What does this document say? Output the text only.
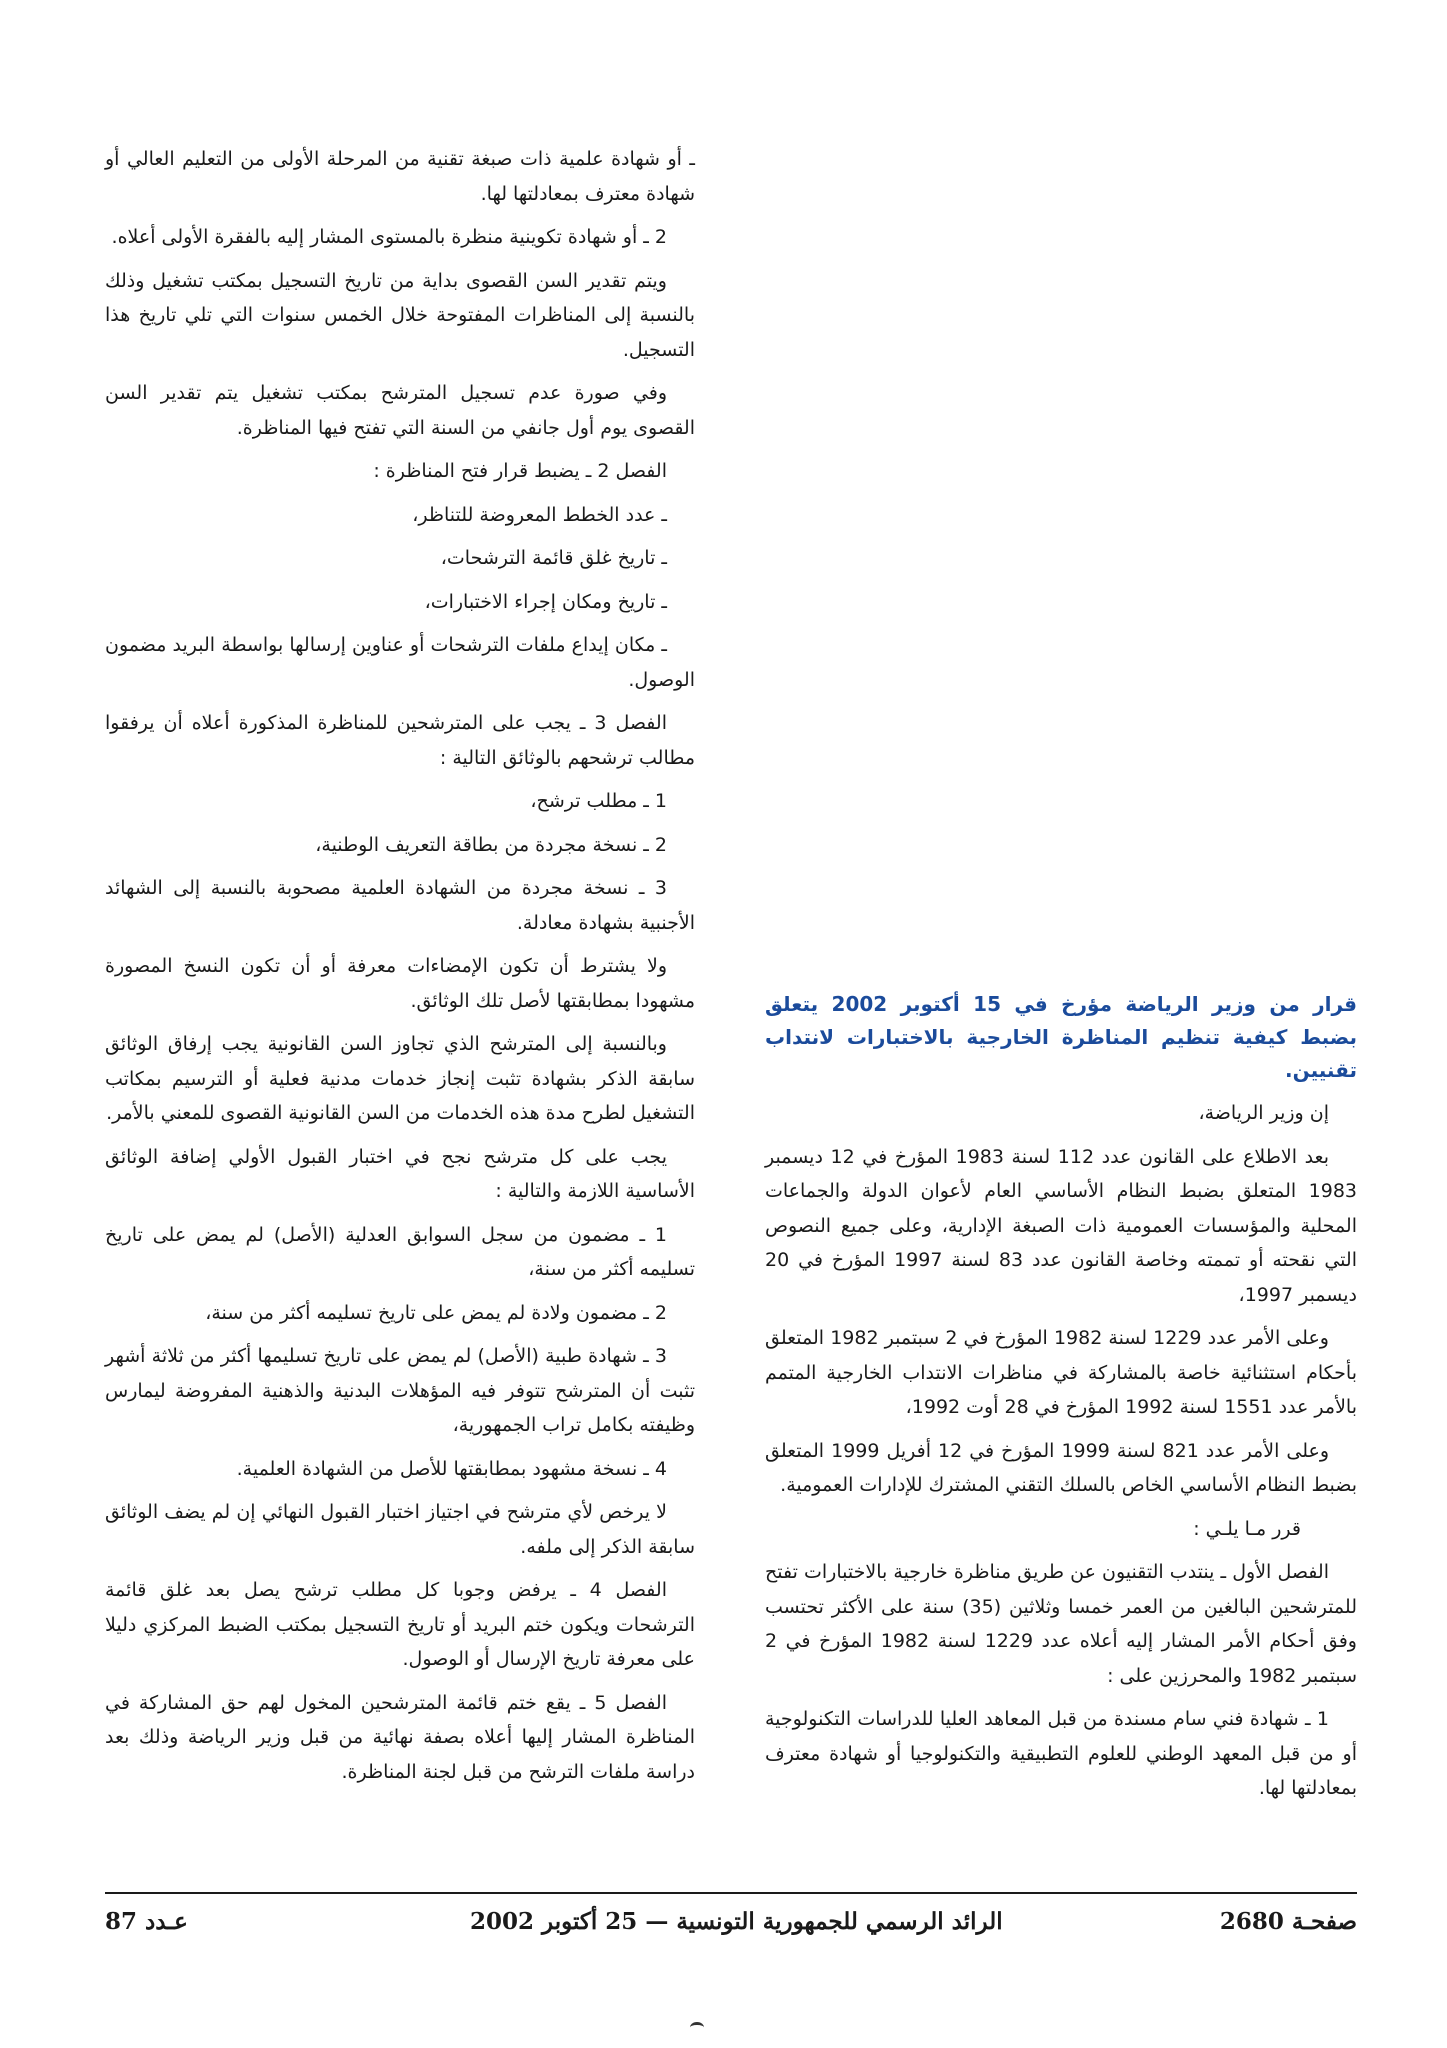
ـ أو شهادة علمية ذات صبغة تقنية من المرحلة الأولى من التعليم العالي أو شهادة معترف بمعادلتها لها.

2 ـ أو شهادة تكوينية منظرة بالمستوى المشار إليه بالفقرة الأولى أعلاه.

ويتم تقدير السن القصوى بداية من تاريخ التسجيل بمكتب تشغيل وذلك بالنسبة إلى المناظرات المفتوحة خلال الخمس سنوات التي تلي تاريخ هذا التسجيل.

وفي صورة عدم تسجيل المترشح بمكتب تشغيل يتم تقدير السن القصوى يوم أول جانفي من السنة التي تفتح فيها المناظرة.

الفصل 2 ـ يضبط قرار فتح المناظرة :

ـ عدد الخطط المعروضة للتناظر،

ـ تاريخ غلق قائمة الترشحات،

ـ تاريخ ومكان إجراء الاختبارات،

ـ مكان إيداع ملفات الترشحات أو عناوين إرسالها بواسطة البريد مضمون الوصول.

الفصل 3 ـ يجب على المترشحين للمناظرة المذكورة أعلاه أن يرفقوا مطالب ترشحهم بالوثائق التالية :

1 ـ مطلب ترشح،

2 ـ نسخة مجردة من بطاقة التعريف الوطنية،

3 ـ نسخة مجردة من الشهادة العلمية مصحوبة بالنسبة إلى الشهائد الأجنبية بشهادة معادلة.

ولا يشترط أن تكون الإمضاءات معرفة أو أن تكون النسخ المصورة مشهودا بمطابقتها لأصل تلك الوثائق.

وبالنسبة إلى المترشح الذي تجاوز السن القانونية يجب إرفاق الوثائق سابقة الذكر بشهادة تثبت إنجاز خدمات مدنية فعلية أو الترسيم بمكاتب التشغيل لطرح مدة هذه الخدمات من السن القانونية القصوى للمعني بالأمر.

يجب على كل مترشح نجح في اختبار القبول الأولي إضافة الوثائق الأساسية اللازمة والتالية :

1 ـ مضمون من سجل السوابق العدلية (الأصل) لم يمض على تاريخ تسليمه أكثر من سنة،

2 ـ مضمون ولادة لم يمض على تاريخ تسليمه أكثر من سنة،

3 ـ شهادة طبية (الأصل) لم يمض على تاريخ تسليمها أكثر من ثلاثة أشهر تثبت أن المترشح تتوفر فيه المؤهلات البدنية والذهنية المفروضة ليمارس وظيفته بكامل تراب الجمهورية،

4 ـ نسخة مشهود بمطابقتها للأصل من الشهادة العلمية.

لا يرخص لأي مترشح في اجتياز اختبار القبول النهائي إن لم يضف الوثائق سابقة الذكر إلى ملفه.

الفصل 4 ـ يرفض وجوبا كل مطلب ترشح يصل بعد غلق قائمة الترشحات ويكون ختم البريد أو تاريخ التسجيل بمكتب الضبط المركزي دليلا على معرفة تاريخ الإرسال أو الوصول.

الفصل 5 ـ يقع ختم قائمة المترشحين المخول لهم حق المشاركة في المناظرة المشار إليها أعلاه بصفة نهائية من قبل وزير الرياضة وذلك بعد دراسة ملفات الترشح من قبل لجنة المناظرة.

قرار من وزير الرياضة مؤرخ في 15 أكتوبر 2002 يتعلق بضبط كيفية تنظيم المناظرة الخارجية بالاختبارات لانتداب تقنيين.

إن وزير الرياضة،

بعد الاطلاع على القانون عدد 112 لسنة 1983 المؤرخ في 12 ديسمبر 1983 المتعلق بضبط النظام الأساسي العام لأعوان الدولة والجماعات المحلية والمؤسسات العمومية ذات الصبغة الإدارية، وعلى جميع النصوص التي نقحته أو تممته وخاصة القانون عدد 83 لسنة 1997 المؤرخ في 20 ديسمبر 1997،

وعلى الأمر عدد 1229 لسنة 1982 المؤرخ في 2 سبتمبر 1982 المتعلق بأحكام استثنائية خاصة بالمشاركة في مناظرات الانتداب الخارجية المتمم بالأمر عدد 1551 لسنة 1992 المؤرخ في 28 أوت 1992،

وعلى الأمر عدد 821 لسنة 1999 المؤرخ في 12 أفريل 1999 المتعلق بضبط النظام الأساسي الخاص بالسلك التقني المشترك للإدارات العمومية.

قرر مـا يلـي :

الفصل الأول ـ ينتدب التقنيون عن طريق مناظرة خارجية بالاختبارات تفتح للمترشحين البالغين من العمر خمسا وثلاثين (35) سنة على الأكثر تحتسب وفق أحكام الأمر المشار إليه أعلاه عدد 1229 لسنة 1982 المؤرخ في 2 سبتمبر 1982 والمحرزين على :

1 ـ شهادة فني سام مسندة من قبل المعاهد العليا للدراسات التكنولوجية أو من قبل المعهد الوطني للعلوم التطبيقية والتكنولوجيا أو شهادة معترف بمعادلتها لها.

صفحـة 2680
الرائد الرسمي للجمهورية التونسية — 25 أكتوبر 2002
عـدد 87
